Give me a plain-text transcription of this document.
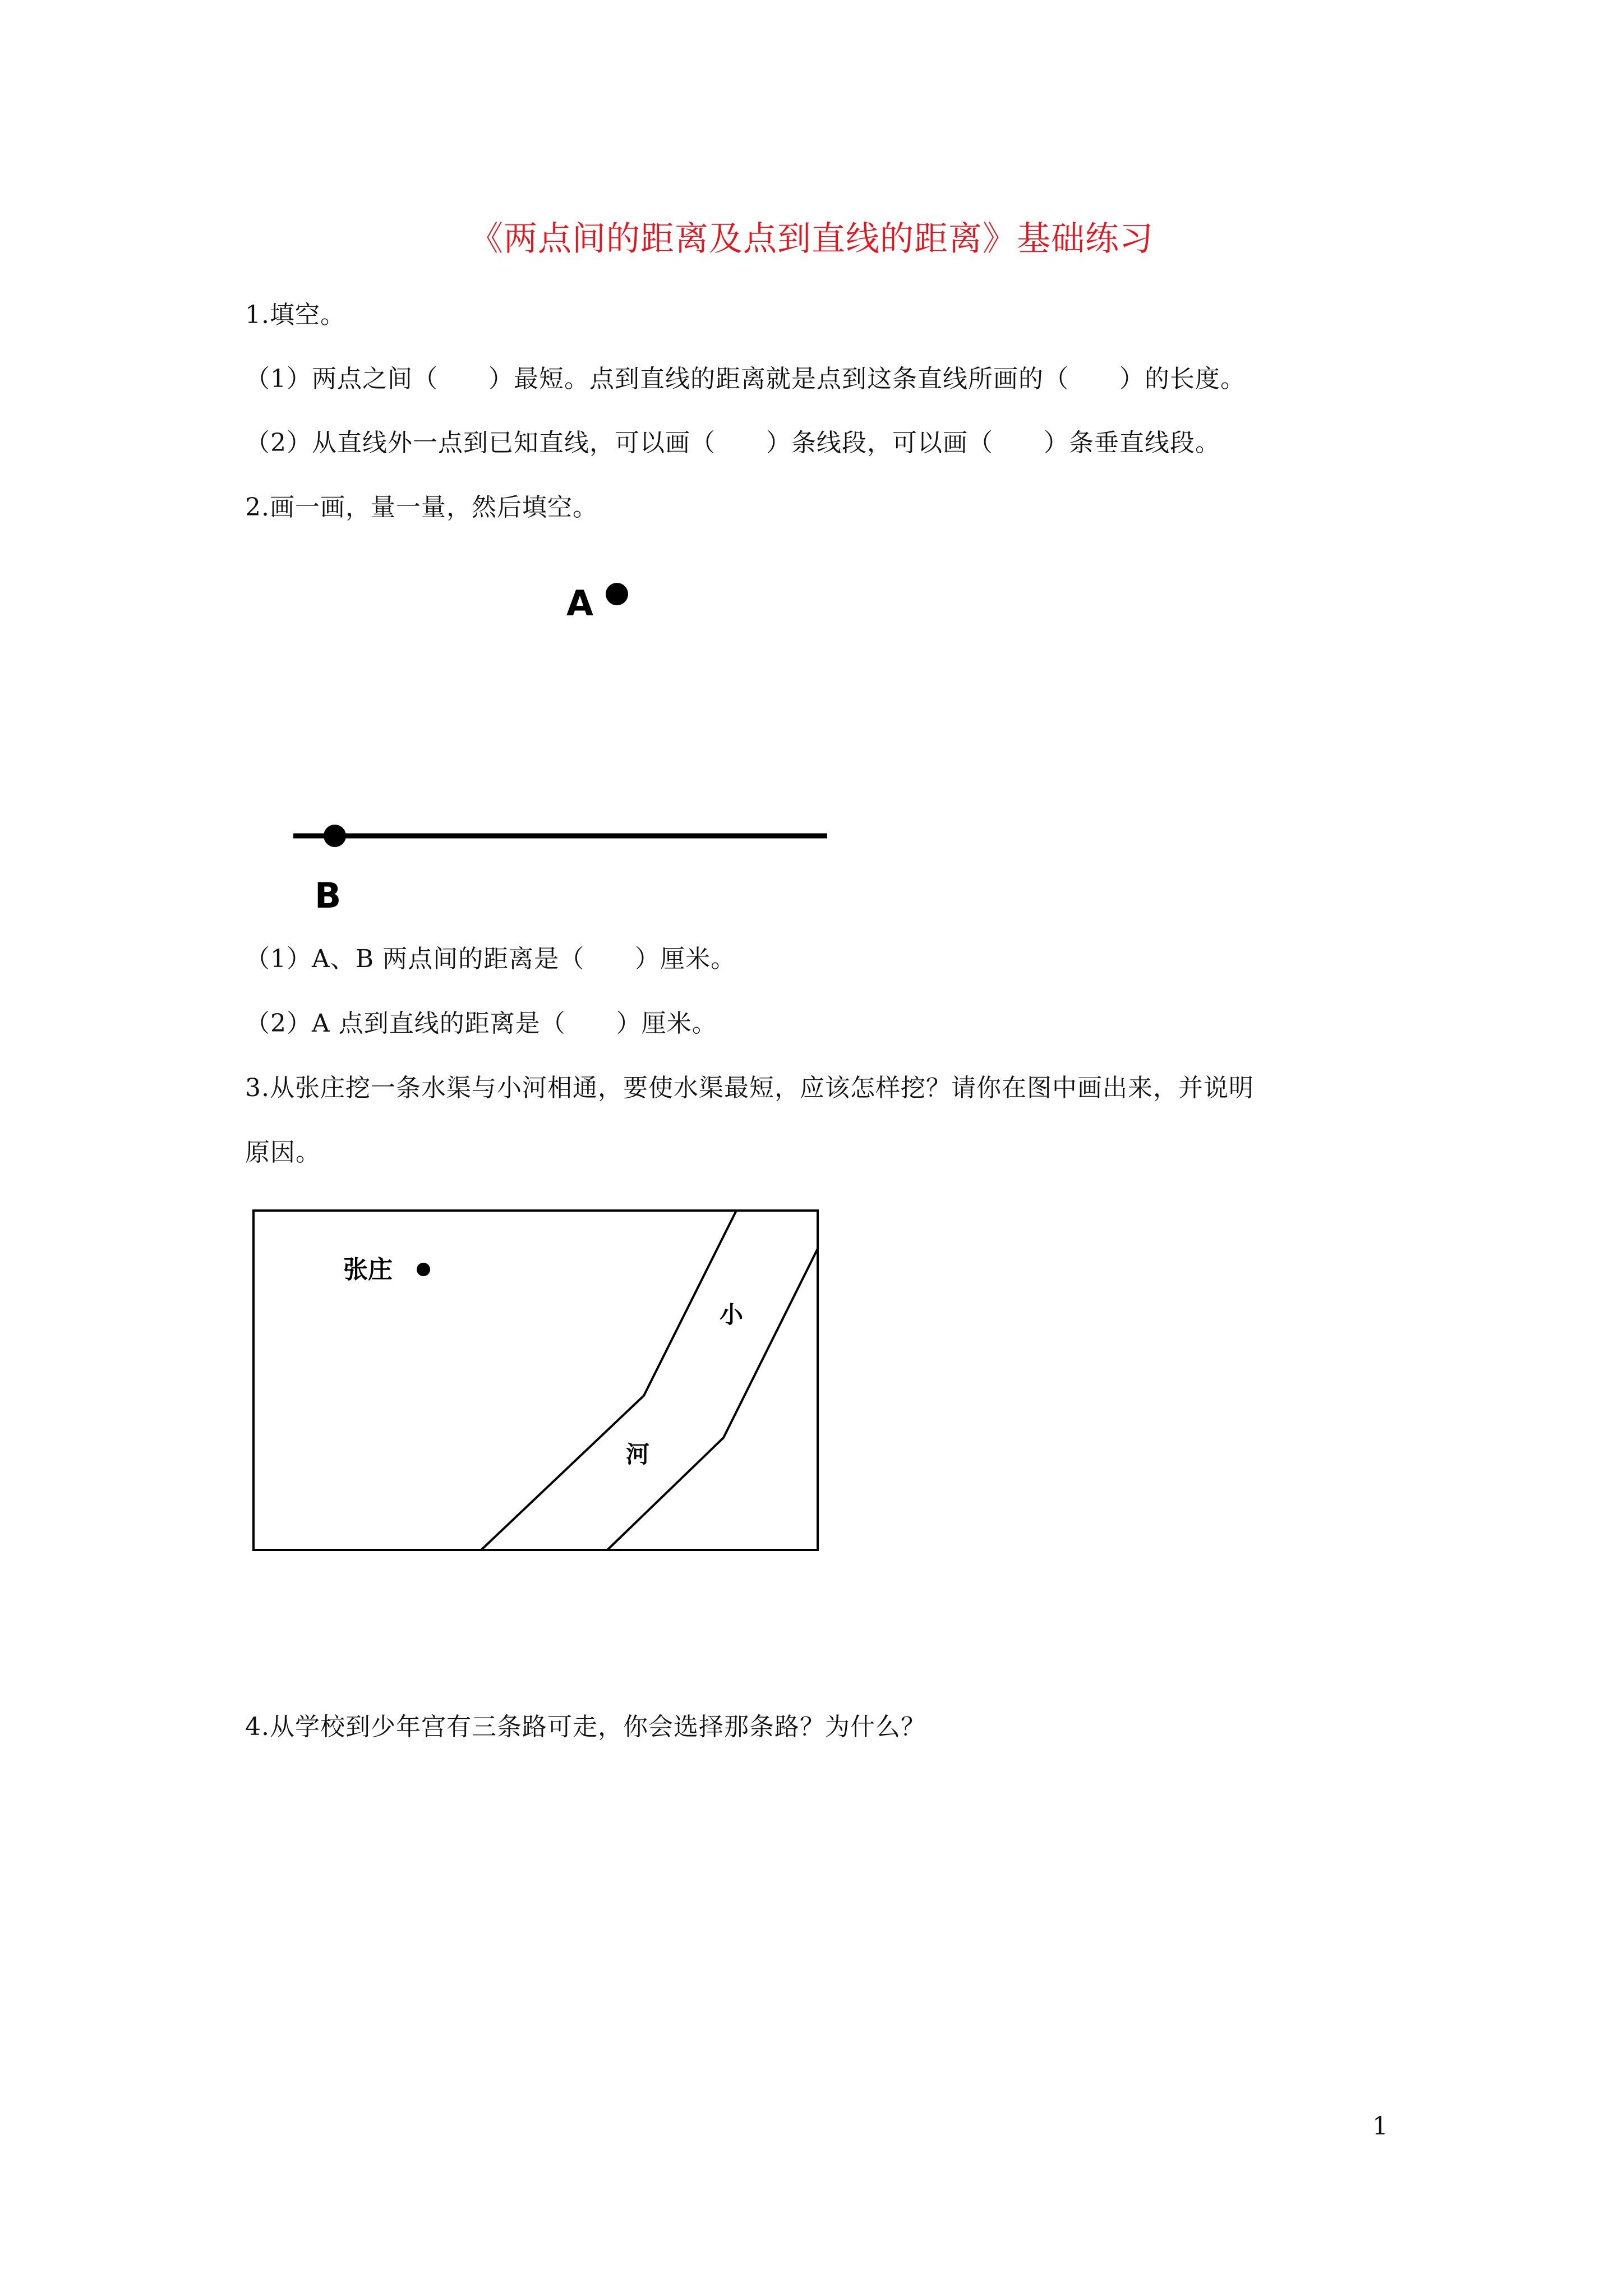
《两点间的距离及点到直线的距离》基础练习
1.填空。
（1）两点之间（　　）最短。点到直线的距离就是点到这条直线所画的（　　）的长度。
（2）从直线外一点到已知直线，可以画（　　）条线段，可以画（　　）条垂直线段。
2.画一画，量一量，然后填空。
A
B
（1）A、B 两点间的距离是（　　）厘米。
（2）A 点到直线的距离是（　　）厘米。
3.从张庄挖一条水渠与小河相通，要使水渠最短，应该怎样挖？请你在图中画出来，并说明
原因。
张庄
小
河
4.从学校到少年宫有三条路可走，你会选择那条路？为什么？
1
